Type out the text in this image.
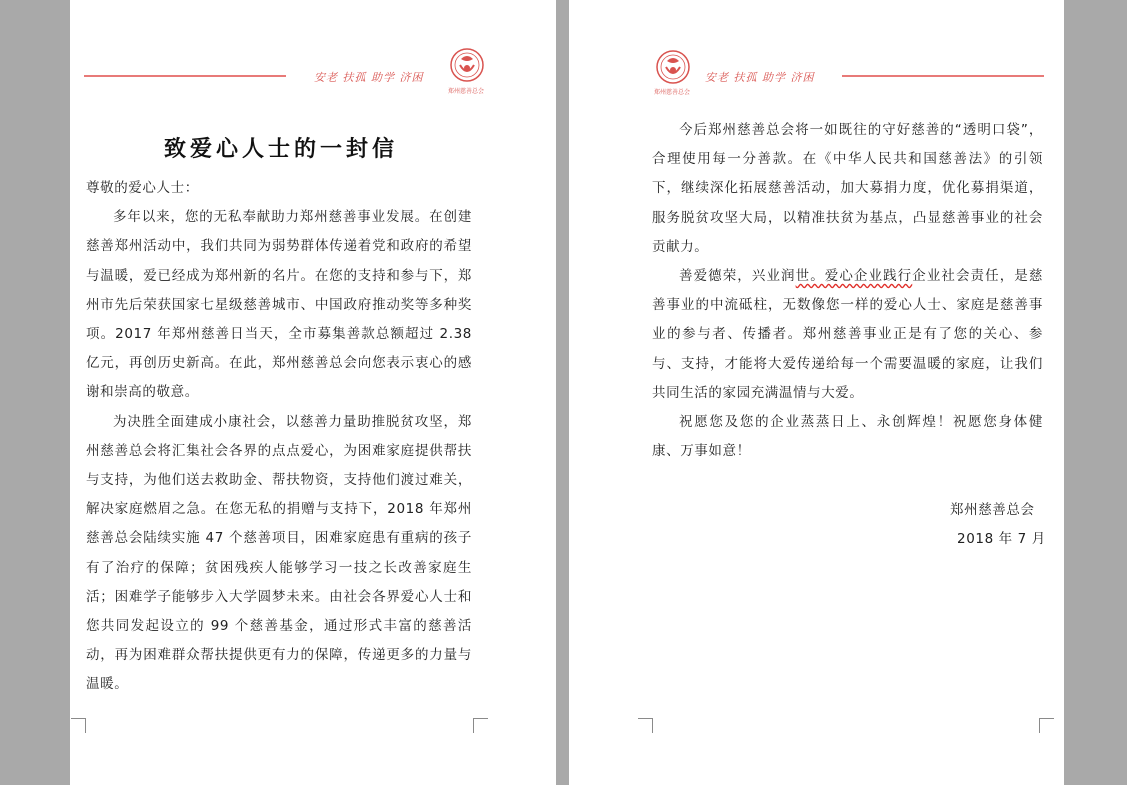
安老 扶孤 助学 济困
郑州慈善总会
致爱心人士的一封信

尊敬的爱心人士：

多年以来，您的无私奉献助力郑州慈善事业发展。在创建慈善郑州活动中，我们共同为弱势群体传递着党和政府的希望与温暖，爱已经成为郑州新的名片。在您的支持和参与下，郑州市先后荣获国家七星级慈善城市、中国政府推动奖等多种奖项。2017 年郑州慈善日当天，全市募集善款总额超过 2.38 亿元，再创历史新高。在此，郑州慈善总会向您表示衷心的感谢和崇高的敬意。

为决胜全面建成小康社会，以慈善力量助推脱贫攻坚，郑州慈善总会将汇集社会各界的点点爱心，为困难家庭提供帮扶与支持，为他们送去救助金、帮扶物资，支持他们渡过难关，解决家庭燃眉之急。在您无私的捐赠与支持下，2018 年郑州慈善总会陆续实施 47 个慈善项目，困难家庭患有重病的孩子有了治疗的保障；贫困残疾人能够学习一技之长改善家庭生活；困难学子能够步入大学圆梦未来。由社会各界爱心人士和您共同发起设立的 99 个慈善基金，通过形式丰富的慈善活动，再为困难群众帮扶提供更有力的保障，传递更多的力量与温暖。

郑州慈善总会
安老 扶孤 助学 济困

今后郑州慈善总会将一如既往的守好慈善的“透明口袋”，合理使用每一分善款。在《中华人民共和国慈善法》的引领下，继续深化拓展慈善活动，加大募捐力度，优化募捐渠道，服务脱贫攻坚大局，以精准扶贫为基点，凸显慈善事业的社会贡献力。

善爱德荣，兴业润世。爱心企业践行企业社会责任，是慈善事业的中流砥柱，无数像您一样的爱心人士、家庭是慈善事业的参与者、传播者。郑州慈善事业正是有了您的关心、参与、支持，才能将大爱传递给每一个需要温暖的家庭，让我们共同生活的家园充满温情与大爱。

祝愿您及您的企业蒸蒸日上、永创辉煌！祝愿您身体健康、万事如意！

郑州慈善总会
2018 年 7 月
